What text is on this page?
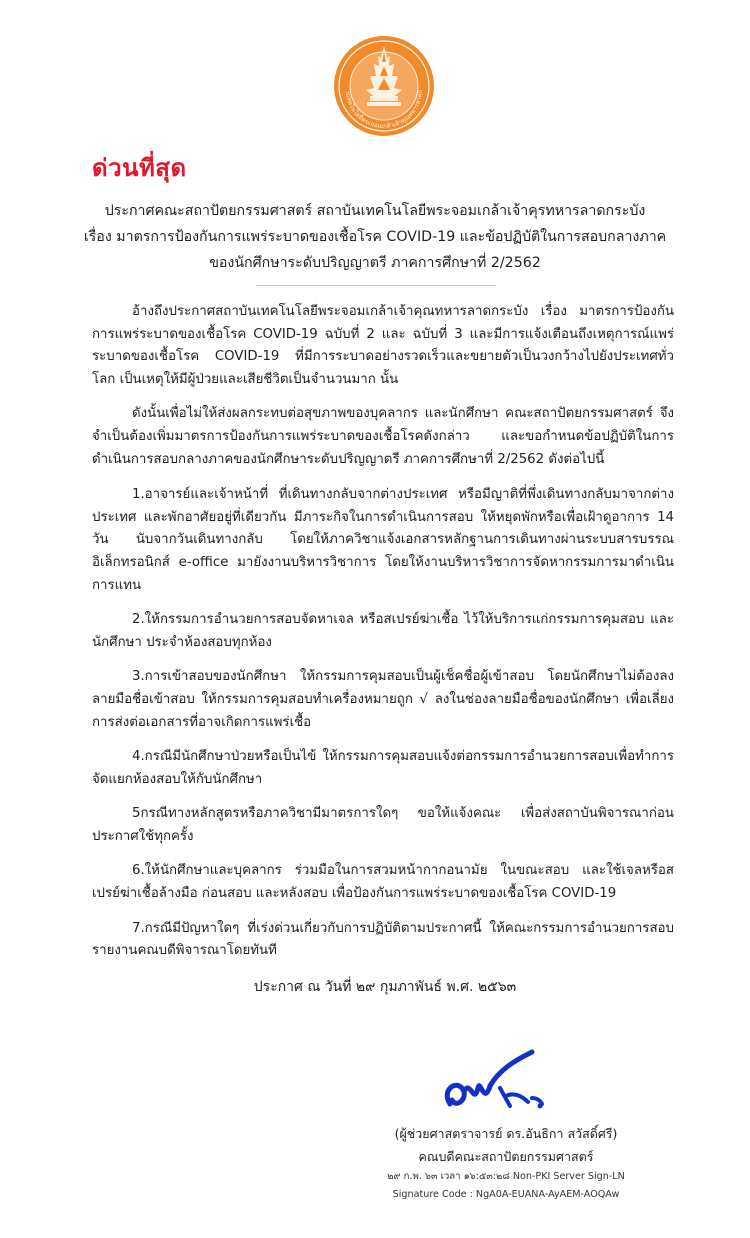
นเทคโนโลยีพระจอมเกล้าเจ้าคุณทหารลาดก
ด่วนที่สุด
ประกาศคณะสถาปัตยกรรมศาสตร์ สถาบันเทคโนโลยีพระจอมเกล้าเจ้าคุรทหารลาดกระบัง
เรื่อง มาตรการป้องกันการแพร่ระบาดของเชื้อโรค COVID-19 และข้อปฏิบัติในการสอบกลางภาค
ของนักศึกษาระดับปริญญาตรี ภาคการศึกษาที่ 2/2562

อ้างถึงประกาศสถาบันเทคโนโลยีพระจอมเกล้าเจ้าคุณทหารลาดกระบัง เรื่อง มาตรการป้องกันการแพร่ระบาดของเชื้อโรค COVID-19 ฉบับที่ 2 และ ฉบับที่ 3 และมีการแจ้งเตือนถึงเหตุการณ์แพร่ระบาดของเชื้อโรค COVID-19 ที่มีการระบาดอย่างรวดเร็วและขยายตัวเป็นวงกว้างไปยังประเทศทั่วโลก เป็นเหตุให้มีผู้ป่วยและเสียชีวิตเป็นจำนวนมาก นั้น

ดังนั้นเพื่อไม่ให้ส่งผลกระทบต่อสุขภาพของบุคลากร และนักศึกษา คณะสถาปัตยกรรมศาสตร์ จึงจำเป็นต้องเพิ่มมาตรการป้องกันการแพร่ระบาดของเชื้อโรคดังกล่าว และขอกำหนดข้อปฏิบัติในการดำเนินการสอบกลางภาคของนักศึกษาระดับปริญญาตรี ภาคการศึกษาที่ 2/2562 ดังต่อไปนี้

1.อาจารย์และเจ้าหน้าที่ ที่เดินทางกลับจากต่างประเทศ หรือมีญาติที่พึ่งเดินทางกลับมาจากต่างประเทศ และพักอาศัยอยู่ที่เดียวกัน มีภาระกิจในการดำเนินการสอบ ให้หยุดพักหรือเพื่อเฝ้าดูอาการ 14 วัน นับจากวันเดินทางกลับ โดยให้ภาควิชาแจ้งเอกสารหลักฐานการเดินทางผ่านระบบสารบรรณอิเล็กทรอนิกส์ e-office มายังงานบริหารวิชาการ โดยให้งานบริหารวิชาการจัดหากรรมการมาดำเนินการแทน

2.ให้กรรมการอำนวยการสอบจัดหาเจล หรือสเปรย์ฆ่าเชื้อ ไว้ให้บริการแก่กรรมการคุมสอบ และนักศึกษา ประจำห้องสอบทุกห้อง

3.การเข้าสอบของนักศึกษา ให้กรรมการคุมสอบเป็นผู้เช็คชื่อผู้เข้าสอบ โดยนักศึกษาไม่ต้องลงลายมือชื่อเข้าสอบ ให้กรรมการคุมสอบทำเครื่องหมายถูก √ ลงในช่องลายมือชื่อของนักศึกษา เพื่อเลี่ยงการส่งต่อเอกสารที่อาจเกิดการแพร่เชื้อ

4.กรณีมีนักศึกษาป่วยหรือเป็นไข้ ให้กรรมการคุมสอบแจ้งต่อกรรมการอำนวยการสอบเพื่อทำการจัดแยกห้องสอบให้กับนักศึกษา

5กรณีทางหลักสูตรหรือภาควิชามีมาตรการใดๆ ขอให้แจ้งคณะ เพื่อส่งสถาบันพิจารณาก่อนประกาศใช้ทุกครั้ง

6.ให้นักศึกษาและบุคลากร ร่วมมือในการสวมหน้ากากอนามัย ในขณะสอบ และใช้เจลหรือสเปรย์ฆ่าเชื้อล้างมือ ก่อนสอบ และหลังสอบ เพื่อป้องกันการแพร่ระบาดของเชื้อโรค COVID-19

7.กรณีมีปัญหาใดๆ ที่เร่งด่วนเกี่ยวกับการปฏิบัติตามประกาศนี้ ให้คณะกรรมการอำนวยการสอบรายงานคณบดีพิจารณาโดยทันที

ประกาศ ณ วันที่ ๒๙ กุมภาพันธ์ พ.ศ. ๒๕๖๓
(ผู้ช่วยศาสตราจารย์ ดร.อันธิกา สวัสดิ์ศรี)
คณบดีคณะสถาปัตยกรรมศาสตร์
๒๙ ก.พ. ๖๓ เวลา ๑๖:๕๓:๒๘ Non-PKI Server Sign-LN
Signature Code : NgA0A-EUANA-AyAEM-AOQAw
